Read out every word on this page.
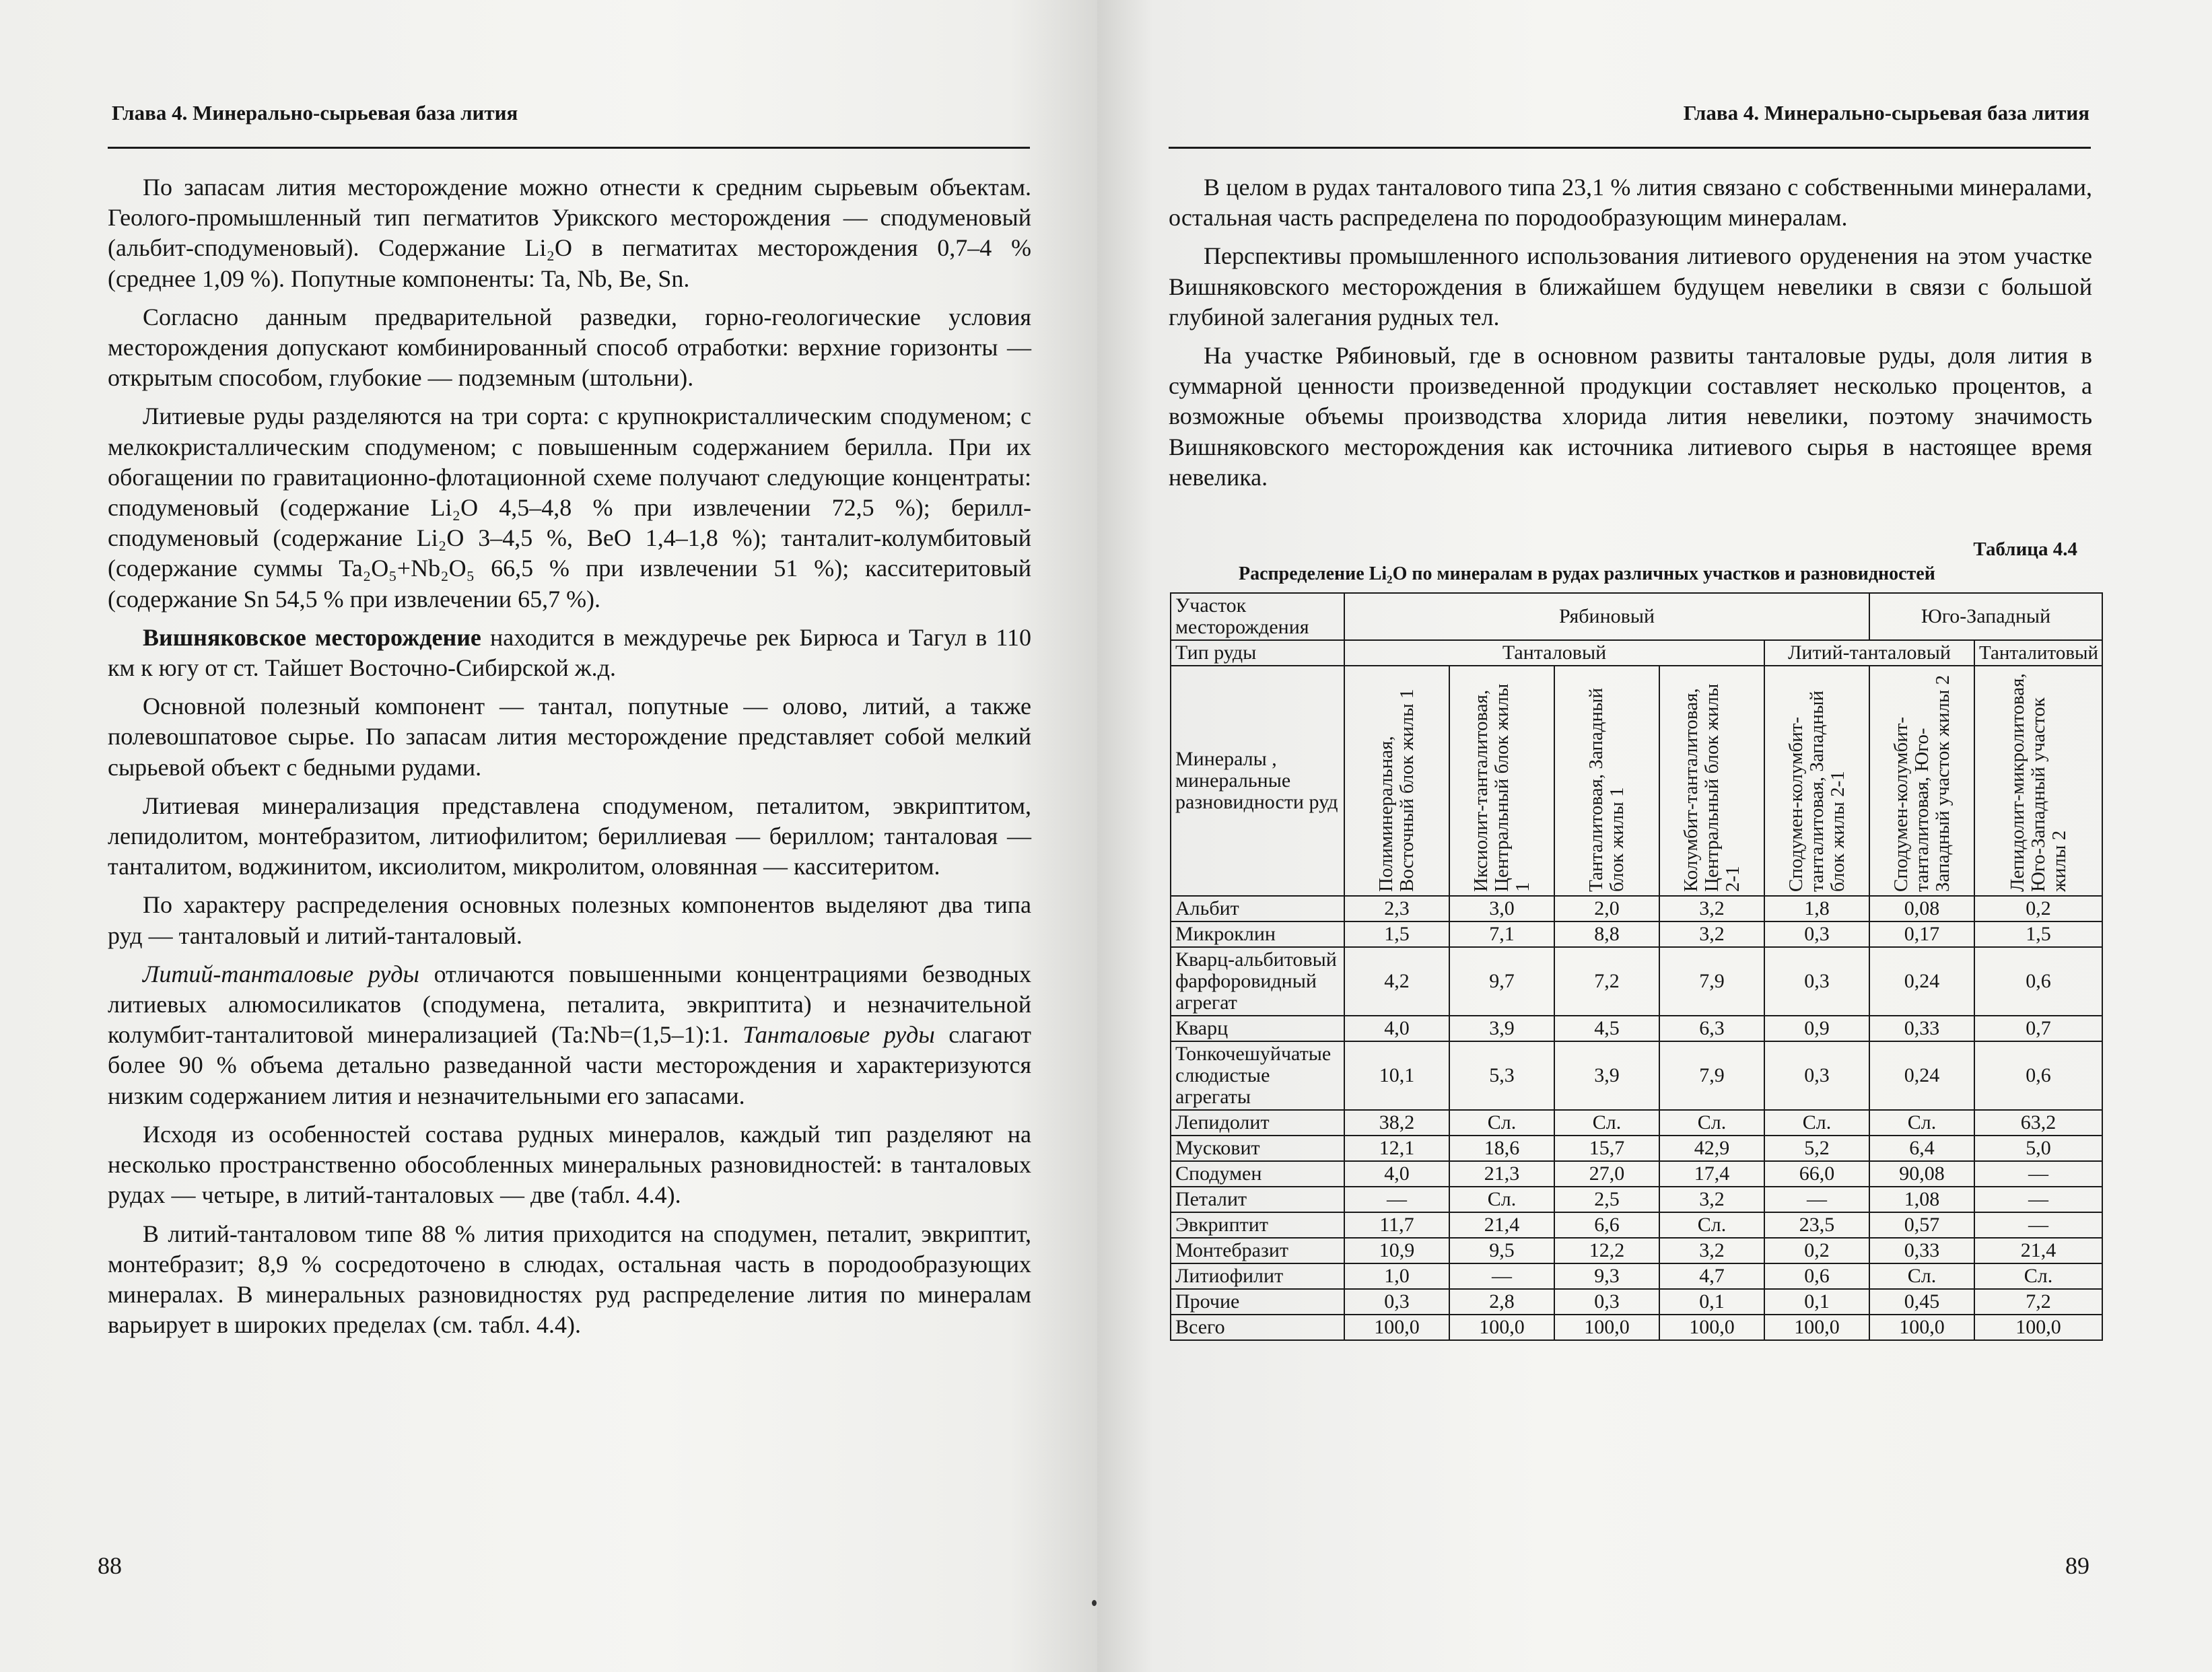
Глава 4. Минерально-сырьевая база лития

По запасам лития месторождение можно отнести к средним сырьевым объектам. Геолого-промышленный тип пегматитов Урикского месторождения — сподуменовый (альбит-сподуменовый). Содержание Li₂O в пегматитах месторождения 0,7–4 % (среднее 1,09 %). Попутные компоненты: Ta, Nb, Be, Sn.

Согласно данным предварительной разведки, горно-геологические условия месторождения допускают комбинированный способ отработки: верхние горизонты — открытым способом, глубокие — подземным (штольни).

Литиевые руды разделяются на три сорта: с крупнокристаллическим сподуменом; с мелкокристаллическим сподуменом; с повышенным содержанием берилла. При их обогащении по гравитационно-флотационной схеме получают следующие концентраты: сподуменовый (содержание Li₂O 4,5–4,8 % при извлечении 72,5 %); берилл-сподуменовый (содержание Li₂O 3–4,5 %, BeO 1,4–1,8 %); танталит-колумбитовый (содержание суммы Ta₂O₅+Nb₂O₅ 66,5 % при извлечении 51 %); касситеритовый (содержание Sn 54,5 % при извлечении 65,7 %).

Вишняковское месторождение находится в междуречье рек Бирюса и Тагул в 110 км к югу от ст. Тайшет Восточно-Сибирской ж.д.

Основной полезный компонент — тантал, попутные — олово, литий, а также полевошпатовое сырье. По запасам лития месторождение представляет собой мелкий сырьевой объект с бедными рудами.

Литиевая минерализация представлена сподуменом, петалитом, эвкриптитом, лепидолитом, монтебразитом, литиофилитом; бериллиевая — бериллом; танталовая — танталитом, воджинитом, иксиолитом, микролитом, оловянная — касситеритом.

По характеру распределения основных полезных компонентов выделяют два типа руд — танталовый и литий-танталовый.

Литий-танталовые руды отличаются повышенными концентрациями безводных литиевых алюмосиликатов (сподумена, петалита, эвкриптита) и незначительной колумбит-танталитовой минерализацией (Ta:Nb=(1,5–1):1. Танталовые руды слагают более 90 % объема детально разведанной части месторождения и характеризуются низким содержанием лития и незначительными его запасами.

Исходя из особенностей состава рудных минералов, каждый тип разделяют на несколько пространственно обособленных минеральных разновидностей: в танталовых рудах — четыре, в литий-танталовых — две (табл. 4.4).

В литий-танталовом типе 88 % лития приходится на сподумен, петалит, эвкриптит, монтебразит; 8,9 % сосредоточено в слюдах, остальная часть в породообразующих минералах. В минеральных разновидностях руд распределение лития по минералам варьирует в широких пределах (см. табл. 4.4).

88
Глава 4. Минерально-сырьевая база лития

В целом в рудах танталового типа 23,1 % лития связано с собственными минералами, остальная часть распределена по породообразующим минералам.

Перспективы промышленного использования литиевого оруденения на этом участке Вишняковского месторождения в ближайшем будущем невелики в связи с большой глубиной залегания рудных тел.

На участке Рябиновый, где в основном развиты танталовые руды, доля лития в суммарной ценности произведенной продукции составляет несколько процентов, а возможные объемы производства хлорида лития невелики, поэтому значимость Вишняковского месторождения как источника литиевого сырья в настоящее время невелика.

Таблица 4.4
Распределение Li₂O по минералам в рудах различных участков и разновидностей
Участок месторождения	Рябиновый					Юго-Западный	
Тип руды	Танталовый				Литий-танталовый		Танталитовый
Минералы , минеральные разновидности руд	Полиминеральная, Восточный блок жилы 1	Иксиолит-танталитовая, Центральный блок жилы 1	Танталитовая, Западный блок жилы 1	Колумбит-танталитовая, Центральный блок жилы 2-1	Сподумен-колумбит-танталитовая, Западный блок жилы 2-1	Сподумен-колумбит-танталитовая, Юго-Западный участок жилы 2	Лепидолит-микролитовая, Юго-Западный участок жилы 2

Альбит	2,3	3,0	2,0	3,2	1,8	0,08	0,2
Микроклин	1,5	7,1	8,8	3,2	0,3	0,17	1,5
Кварц-альбитовый фарфоровидный агрегат	4,2	9,7	7,2	7,9	0,3	0,24	0,6
Кварц	4,0	3,9	4,5	6,3	0,9	0,33	0,7
Тонкочешуйчатые слюдистые агрегаты	10,1	5,3	3,9	7,9	0,3	0,24	0,6
Лепидолит	38,2	Сл.	Сл.	Сл.	Сл.	Сл.	63,2
Мусковит	12,1	18,6	15,7	42,9	5,2	6,4	5,0
Сподумен	4,0	21,3	27,0	17,4	66,0	90,08	—
Петалит	—	Сл.	2,5	3,2	—	1,08	—
Эвкриптит	11,7	21,4	6,6	Сл.	23,5	0,57	—
Монтебразит	10,9	9,5	12,2	3,2	0,2	0,33	21,4
Литиофилит	1,0	—	9,3	4,7	0,6	Сл.	Сл.
Прочие	0,3	2,8	0,3	0,1	0,1	0,45	7,2
Всего	100,0	100,0	100,0	100,0	100,0	100,0	100,0
89
